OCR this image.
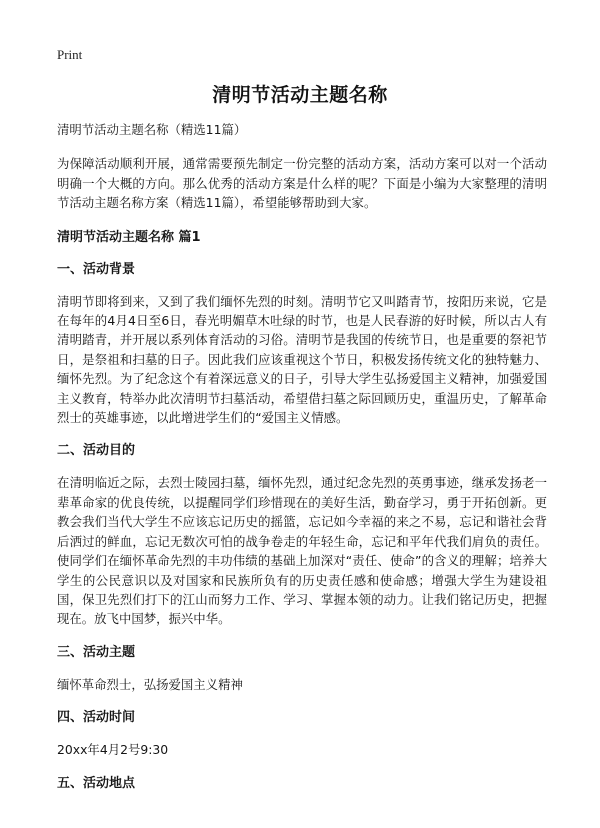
Print
清明节活动主题名称

清明节活动主题名称（精选11篇）

为保障活动顺利开展，通常需要预先制定一份完整的活动方案，活动方案可以对一个活动明确一个大概的方向。那么优秀的活动方案是什么样的呢？下面是小编为大家整理的清明节活动主题名称方案（精选11篇），希望能够帮助到大家。

清明节活动主题名称 篇1
一、活动背景

清明节即将到来，又到了我们缅怀先烈的时刻。清明节它又叫踏青节，按阳历来说，它是在每年的4月4日至6日，春光明媚草木吐绿的时节，也是人民春游的好时候，所以古人有清明踏青，并开展以系列体育活动的习俗。清明节是我国的传统节日，也是重要的祭祀节日，是祭祖和扫墓的日子。因此我们应该重视这个节日，积极发扬传统文化的独特魅力、缅怀先烈。为了纪念这个有着深远意义的日子，引导大学生弘扬爱国主义精神，加强爱国主义教育，特举办此次清明节扫墓活动，希望借扫墓之际回顾历史，重温历史，了解革命烈士的英雄事迹，以此增进学生们的“爱国主义情感。

二、活动目的

在清明临近之际，去烈士陵园扫墓，缅怀先烈，通过纪念先烈的英勇事迹，继承发扬老一辈革命家的优良传统，以提醒同学们珍惜现在的美好生活，勤奋学习，勇于开拓创新。更教会我们当代大学生不应该忘记历史的摇篮，忘记如今幸福的来之不易，忘记和谐社会背后洒过的鲜血，忘记无数次可怕的战争卷走的年轻生命，忘记和平年代我们肩负的责任。使同学们在缅怀革命先烈的丰功伟绩的基础上加深对“责任、使命”的含义的理解；培养大学生的公民意识以及对国家和民族所负有的历史责任感和使命感；增强大学生为建设祖国，保卫先烈们打下的江山而努力工作、学习、掌握本领的动力。让我们铭记历史，把握现在。放飞中国梦，振兴中华。

三、活动主题

缅怀革命烈士，弘扬爱国主义精神

四、活动时间

20xx年4月2号9:30

五、活动地点
